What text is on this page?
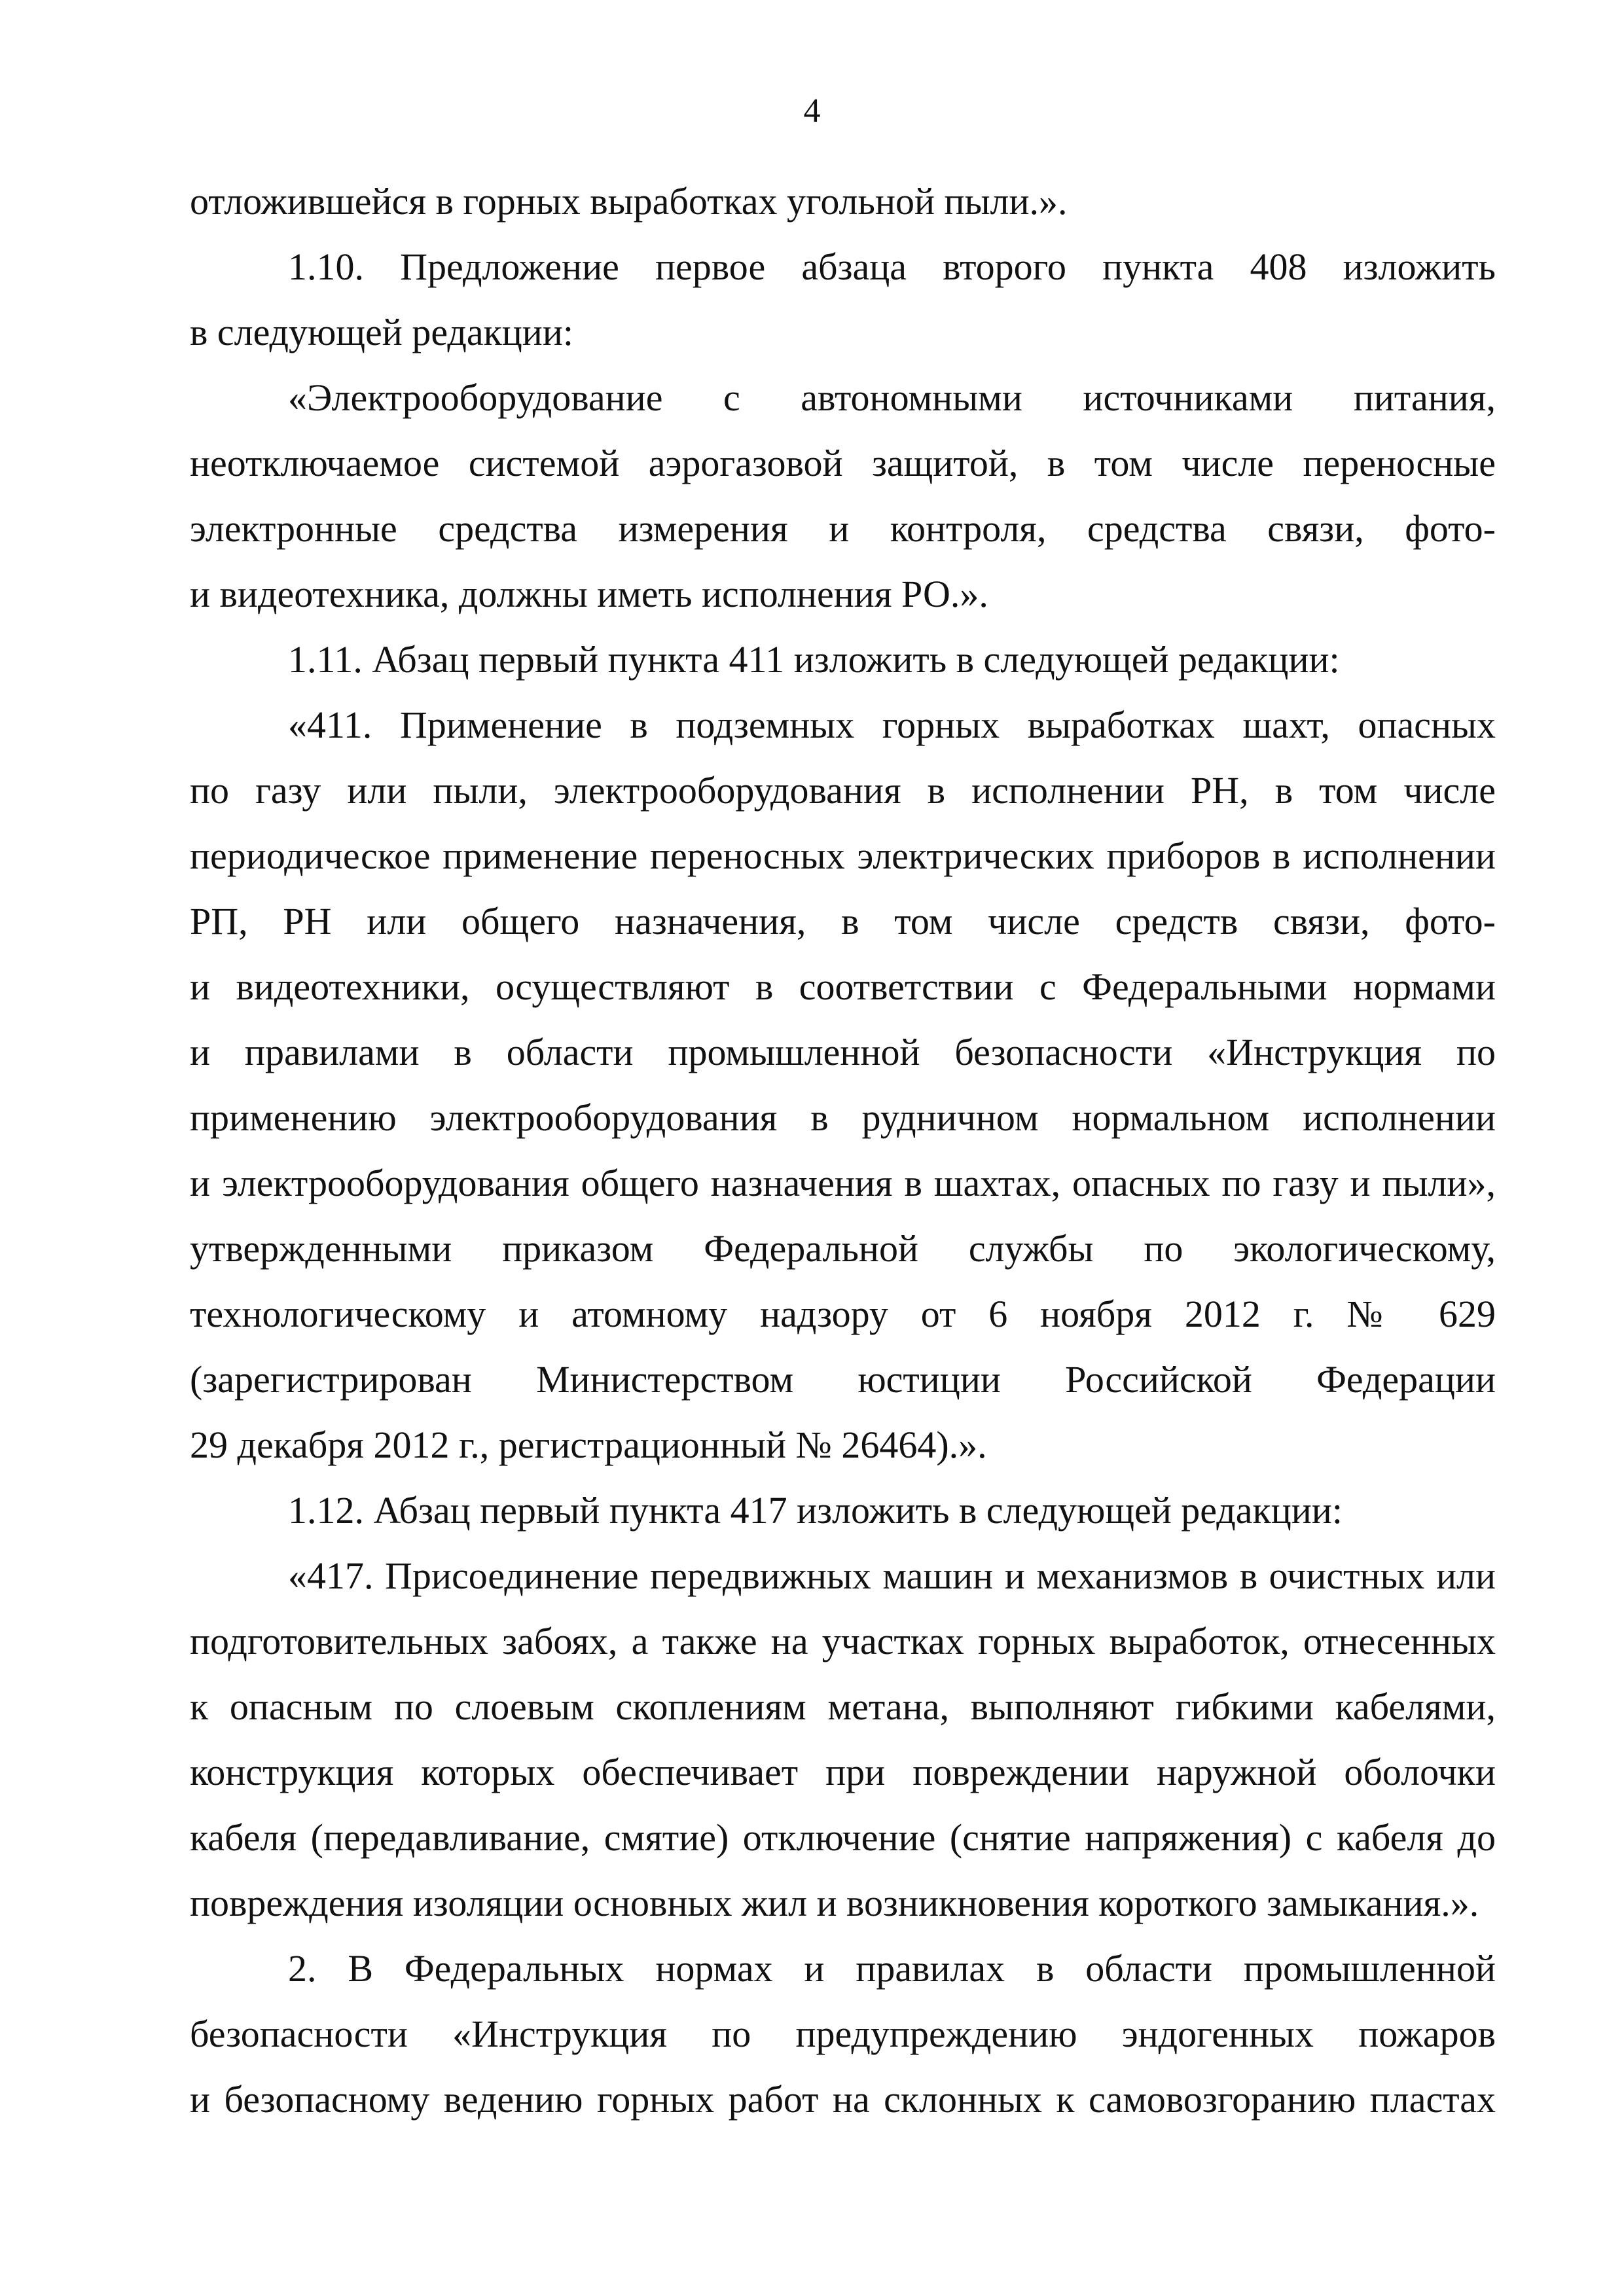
4
отложившейся в горных выработках угольной пыли.».
1.10. Предложение первое абзаца второго пункта 408 изложить
в следующей редакции:
«Электрооборудование с автономными источниками питания,
неотключаемое системой аэрогазовой защитой, в том числе переносные
электронные средства измерения и контроля, средства связи, фото-
и видеотехника, должны иметь исполнения РО.».
1.11. Абзац первый пункта 411 изложить в следующей редакции:
«411. Применение в подземных горных выработках шахт, опасных
по газу или пыли, электрооборудования в исполнении РН, в том числе
периодическое применение переносных электрических приборов в исполнении
РП, РН или общего назначения, в том числе средств связи, фото-
и видеотехники, осуществляют в соответствии с Федеральными нормами
и правилами в области промышленной безопасности «Инструкция по
применению электрооборудования в рудничном нормальном исполнении
и электрооборудования общего назначения в шахтах, опасных по газу и пыли»,
утвержденными приказом Федеральной службы по экологическому,
технологическому и атомному надзору от 6 ноября 2012 г. № 629
(зарегистрирован Министерством юстиции Российской Федерации
29 декабря 2012 г., регистрационный № 26464).».
1.12. Абзац первый пункта 417 изложить в следующей редакции:
«417. Присоединение передвижных машин и механизмов в очистных или
подготовительных забоях, а также на участках горных выработок, отнесенных
к опасным по слоевым скоплениям метана, выполняют гибкими кабелями,
конструкция которых обеспечивает при повреждении наружной оболочки
кабеля (передавливание, смятие) отключение (снятие напряжения) с кабеля до
повреждения изоляции основных жил и возникновения короткого замыкания.».
2. В Федеральных нормах и правилах в области промышленной
безопасности «Инструкция по предупреждению эндогенных пожаров
и безопасному ведению горных работ на склонных к самовозгоранию пластах
